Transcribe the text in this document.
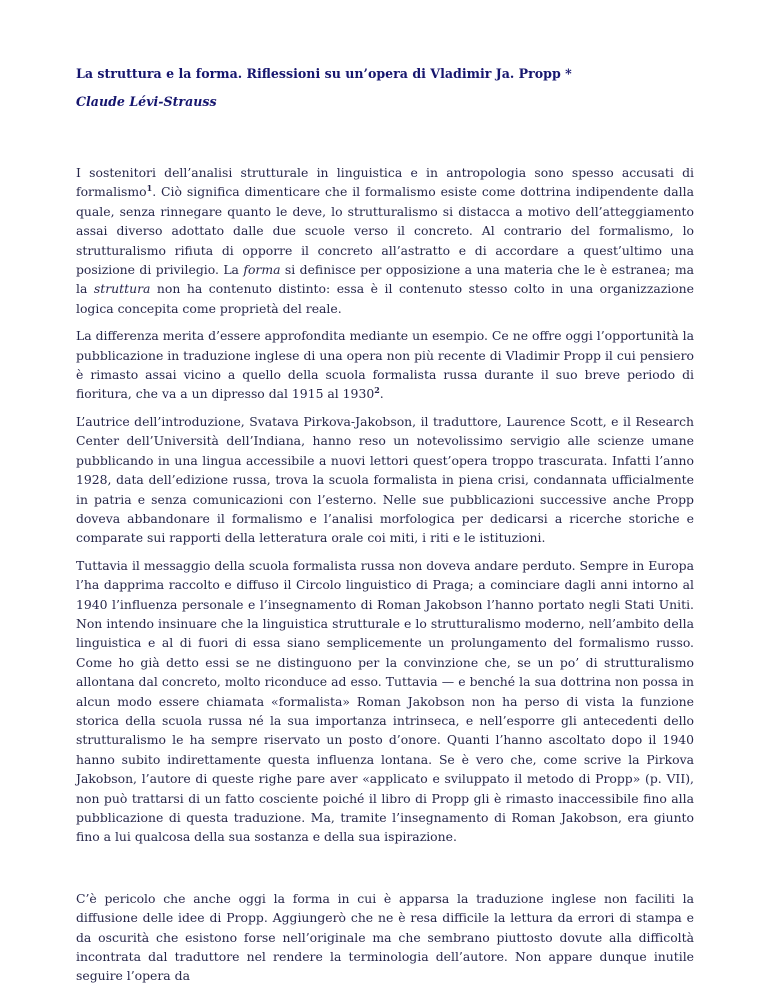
La struttura e la forma. Riflessioni su un’opera di Vladimir Ja. Propp *
Claude Lévi-Strauss

I sostenitori dell’analisi strutturale in linguistica e in antropologia sono spesso accusati di formalismo$^1$. Ciò significa dimenticare che il formalismo esiste come dottrina indipendente dalla quale, senza rinnegare quanto le deve, lo strutturalismo si distacca a motivo dell’atteggiamento assai diverso adottato dalle due scuole verso il concreto. Al contrario del formalismo, lo strutturalismo rifiuta di opporre il concreto all’astratto e di accordare a quest’ultimo una posizione di privilegio. La forma si definisce per opposizione a una materia che le è estranea; ma la struttura non ha contenuto distinto: essa è il contenuto stesso colto in una organizzazione logica concepita come proprietà del reale.

La differenza merita d’essere approfondita mediante un esempio. Ce ne offre oggi l’opportunità la pubblicazione in traduzione inglese di una opera non più recente di Vladimir Propp il cui pensiero è rimasto assai vicino a quello della scuola formalista russa durante il suo breve periodo di fioritura, che va a un dipresso dal 1915 al 1930$^2$.

L’autrice dell’introduzione, Svatava Pirkova-Jakobson, il traduttore, Laurence Scott, e il Research Center dell’Università dell’Indiana, hanno reso un notevolissimo servigio alle scienze umane pubblicando in una lingua accessibile a nuovi lettori quest’opera troppo trascurata. Infatti l’anno 1928, data dell’edizione russa, trova la scuola formalista in piena crisi, condannata ufficialmente in patria e senza comunicazioni con l’esterno. Nelle sue pubblicazioni successive anche Propp doveva abbandonare il formalismo e l’analisi morfologica per dedicarsi a ricerche storiche e comparate sui rapporti della letteratura orale coi miti, i riti e le istituzioni.

Tuttavia il messaggio della scuola formalista russa non doveva andare perduto. Sempre in Europa l’ha dapprima raccolto e diffuso il Circolo linguistico di Praga; a cominciare dagli anni intorno al 1940 l’influenza personale e l’insegnamento di Roman Jakobson l’hanno portato negli Stati Uniti. Non intendo insinuare che la linguistica strutturale e lo strutturalismo moderno, nell’ambito della linguistica e al di fuori di essa siano semplicemente un prolungamento del formalismo russo. Come ho già detto essi se ne distinguono per la convinzione che, se un po’ di strutturalismo allontana dal concreto, molto riconduce ad esso. Tuttavia — e benché la sua dottrina non possa in alcun modo essere chiamata «formalista» Roman Jakobson non ha perso di vista la funzione storica della scuola russa né la sua importanza intrinseca, e nell’esporre gli antecedenti dello strutturalismo le ha sempre riservato un posto d’onore. Quanti l’hanno ascoltato dopo il 1940 hanno subito indirettamente questa influenza lontana. Se è vero che, come scrive la Pirkova Jakobson, l’autore di queste righe pare aver «applicato e sviluppato il metodo di Propp» (p. VII), non può trattarsi di un fatto cosciente poiché il libro di Propp gli è rimasto inaccessibile fino alla pubblicazione di questa traduzione. Ma, tramite l’insegnamento di Roman Jakobson, era giunto fino a lui qualcosa della sua sostanza e della sua ispirazione.

C’è pericolo che anche oggi la forma in cui è apparsa la traduzione inglese non faciliti la diffusione delle idee di Propp. Aggiungerò che ne è resa difficile la lettura da errori di stampa e da oscurità che esistono forse nell’originale ma che sembrano piuttosto dovute alla difficoltà incontrata dal traduttore nel rendere la terminologia dell’autore. Non appare dunque inutile seguire l’opera da
